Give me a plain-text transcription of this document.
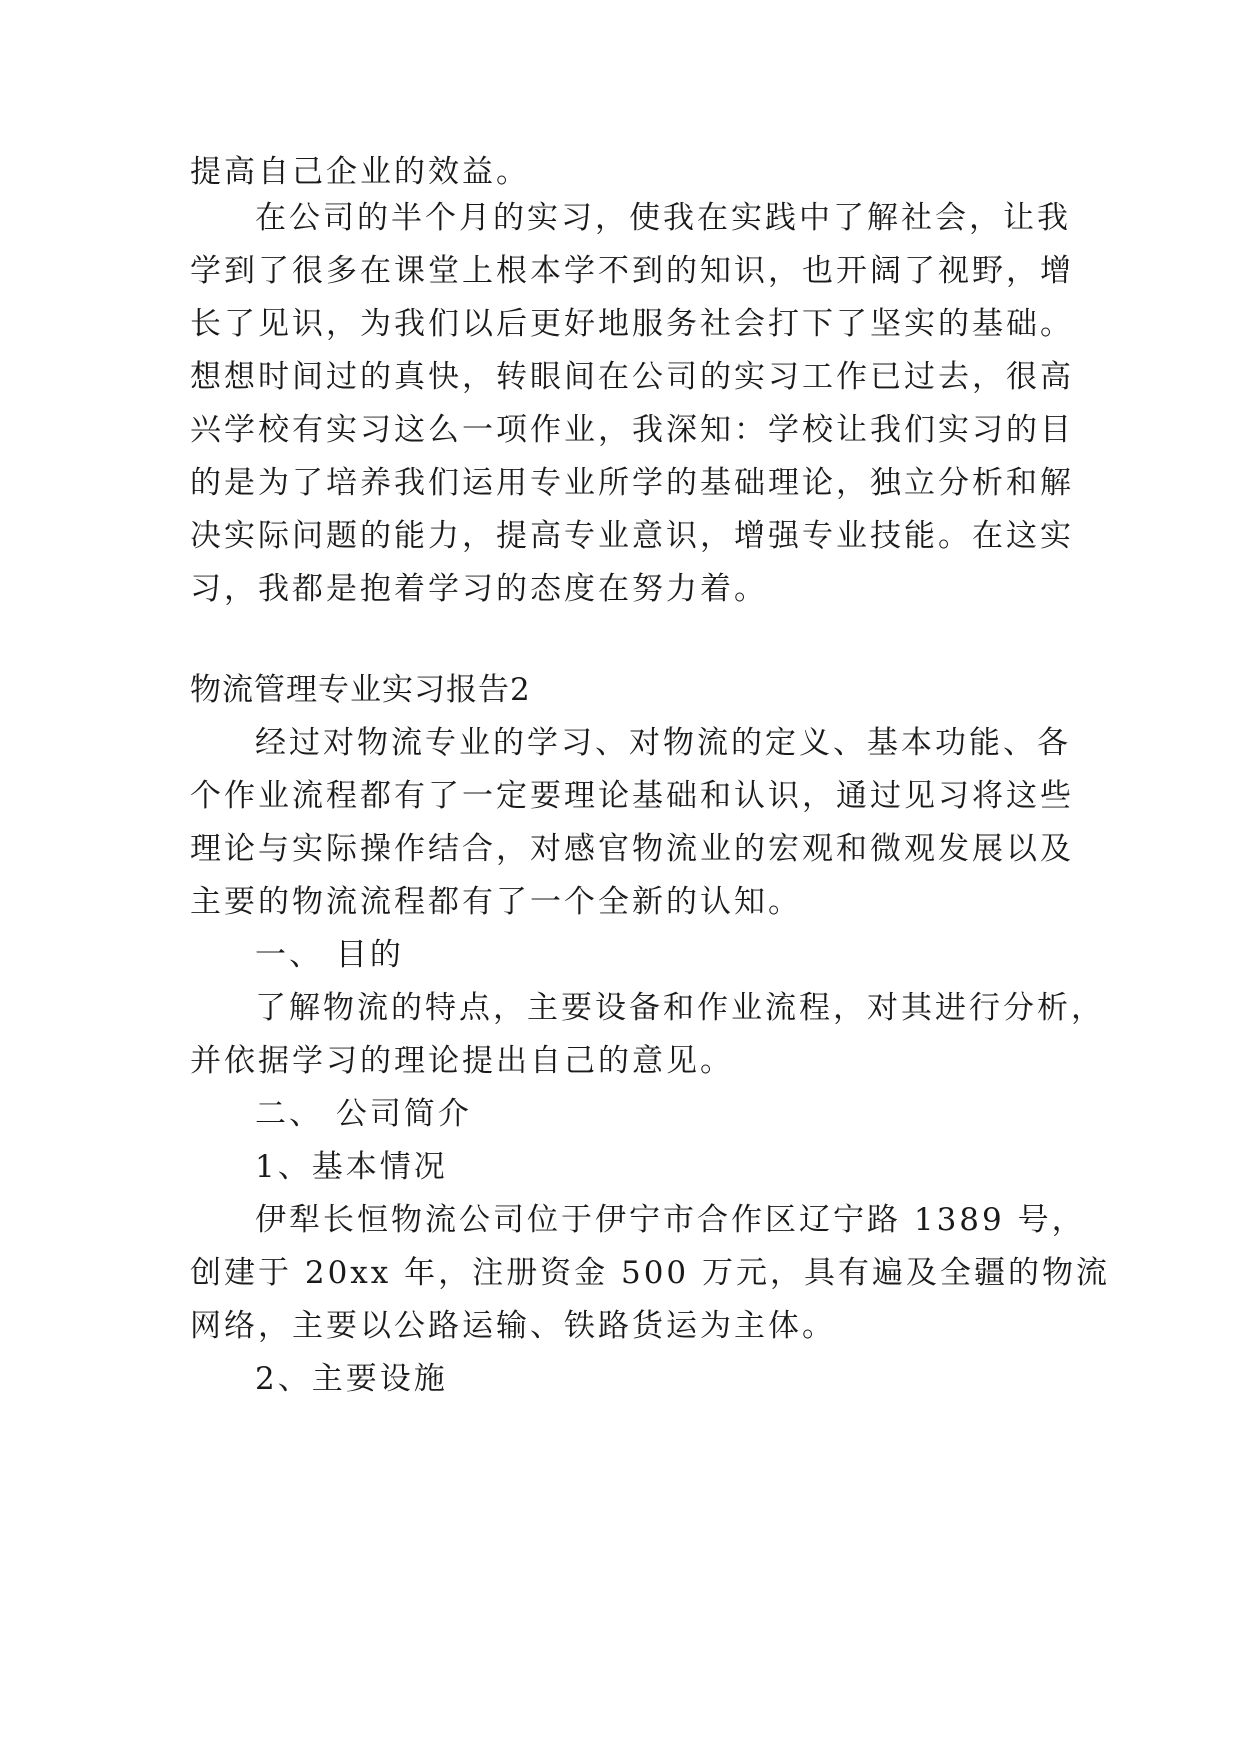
提高自己企业的效益。
在公司的半个月的实习，使我在实践中了解社会，让我
学到了很多在课堂上根本学不到的知识，也开阔了视野，增
长了见识，为我们以后更好地服务社会打下了坚实的基础。
想想时间过的真快，转眼间在公司的实习工作已过去，很高
兴学校有实习这么一项作业，我深知：学校让我们实习的目
的是为了培养我们运用专业所学的基础理论，独立分析和解
决实际问题的能力，提高专业意识，增强专业技能。在这实
习，我都是抱着学习的态度在努力着。
物流管理专业实习报告2
经过对物流专业的学习、对物流的定义、基本功能、各
个作业流程都有了一定要理论基础和认识，通过见习将这些
理论与实际操作结合，对感官物流业的宏观和微观发展以及
主要的物流流程都有了一个全新的认知。
一、 目的
了解物流的特点，主要设备和作业流程，对其进行分析，
并依据学习的理论提出自己的意见。
二、 公司简介
1、基本情况
伊犁长恒物流公司位于伊宁市合作区辽宁路 1389 号，
创建于 20xx 年，注册资金 500 万元，具有遍及全疆的物流
网络，主要以公路运输、铁路货运为主体。
2、主要设施
